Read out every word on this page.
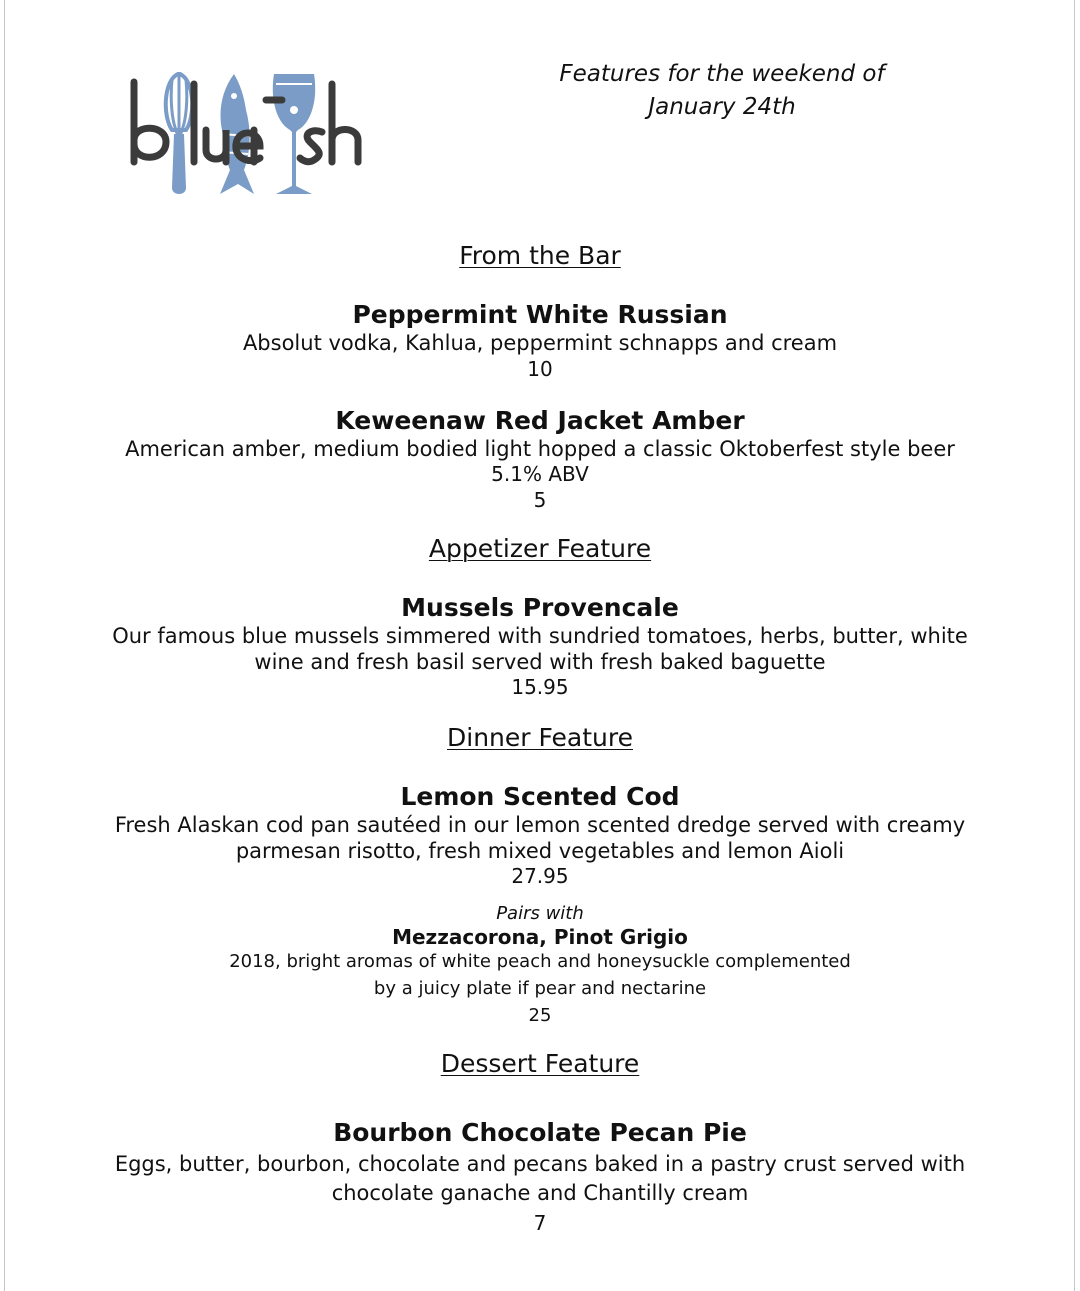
Features for the weekend of
January 24th
From the Bar
Peppermint White Russian
Absolut vodka, Kahlua, peppermint schnapps and cream
10
Keweenaw Red Jacket Amber
American amber, medium bodied light hopped a classic Oktoberfest style beer
5.1% ABV
5
Appetizer Feature
Mussels Provencale
Our famous blue mussels simmered with sundried tomatoes, herbs, butter, white
wine and fresh basil served with fresh baked baguette
15.95
Dinner Feature
Lemon Scented Cod
Fresh Alaskan cod pan sautéed in our lemon scented dredge served with creamy
parmesan risotto, fresh mixed vegetables and lemon Aioli
27.95
Pairs with
Mezzacorona, Pinot Grigio
2018, bright aromas of white peach and honeysuckle complemented
by a juicy plate if pear and nectarine
25
Dessert Feature
Bourbon Chocolate Pecan Pie
Eggs, butter, bourbon, chocolate and pecans baked in a pastry crust served with
chocolate ganache and Chantilly cream
7
